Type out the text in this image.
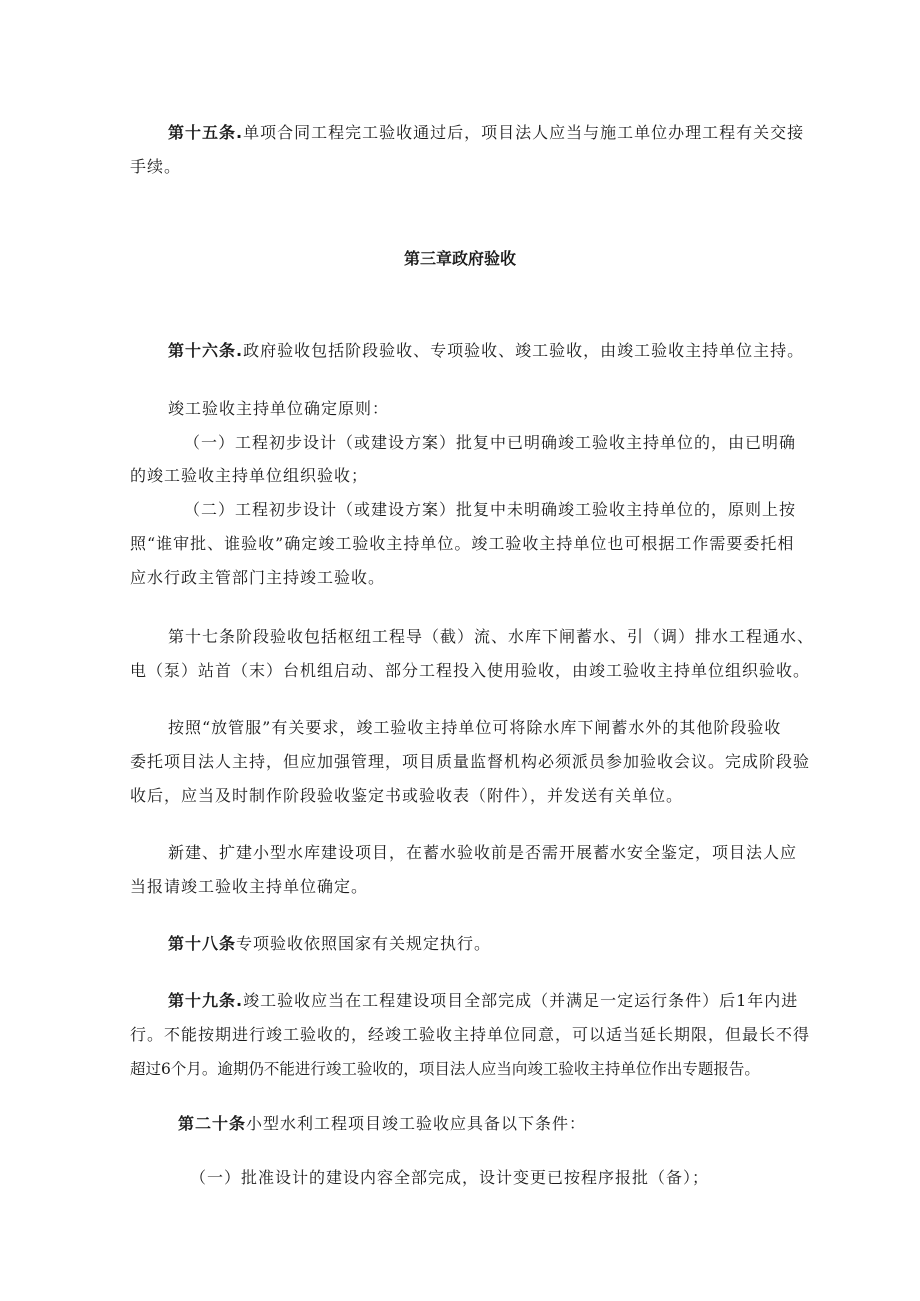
第十五条.单项合同工程完工验收通过后，项目法人应当与施工单位办理工程有关交接
手续。
第三章政府验收
第十六条.政府验收包括阶段验收、专项验收、竣工验收，由竣工验收主持单位主持。
竣工验收主持单位确定原则：
（一）工程初步设计（或建设方案）批复中已明确竣工验收主持单位的，由已明确
的竣工验收主持单位组织验收；
（二）工程初步设计（或建设方案）批复中未明确竣工验收主持单位的，原则上按
照“谁审批、谁验收”确定竣工验收主持单位。竣工验收主持单位也可根据工作需要委托相
应水行政主管部门主持竣工验收。
第十七条阶段验收包括枢纽工程导（截）流、水库下闸蓄水、引（调）排水工程通水、
电（泵）站首（末）台机组启动、部分工程投入使用验收，由竣工验收主持单位组织验收。
按照“放管服”有关要求，竣工验收主持单位可将除水库下闸蓄水外的其他阶段验收
委托项目法人主持，但应加强管理，项目质量监督机构必须派员参加验收会议。完成阶段验
收后，应当及时制作阶段验收鉴定书或验收表（附件），并发送有关单位。
新建、扩建小型水库建设项目，在蓄水验收前是否需开展蓄水安全鉴定，项目法人应
当报请竣工验收主持单位确定。
第十八条专项验收依照国家有关规定执行。
第十九条.竣工验收应当在工程建设项目全部完成（并满足一定运行条件）后1年内进
行。不能按期进行竣工验收的，经竣工验收主持单位同意，可以适当延长期限，但最长不得
超过6个月。逾期仍不能进行竣工验收的，项目法人应当向竣工验收主持单位作出专题报告。
第二十条小型水利工程项目竣工验收应具备以下条件：
（一）批准设计的建设内容全部完成，设计变更已按程序报批（备）；
